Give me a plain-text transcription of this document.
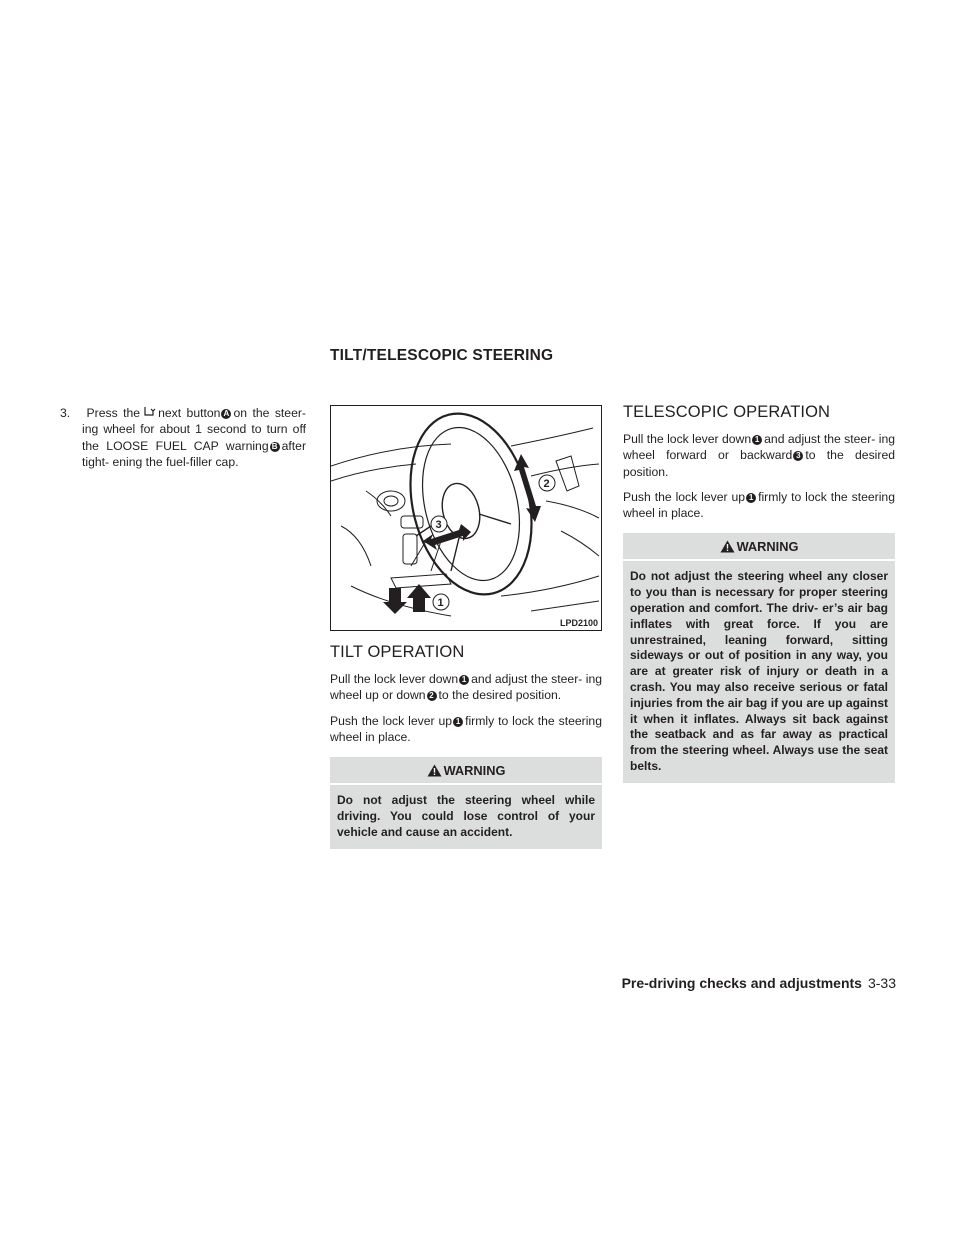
TILT/TELESCOPIC STEERING

3. Press the next button A on the steer- ing wheel for about 1 second to turn off the LOOSE FUEL CAP warning B after tight- ening the fuel-filler cap.

2
3
1
LPD2100
TILT OPERATION

Pull the lock lever down 1 and adjust the steer- ing wheel up or down 2 to the desired position.

Push the lock lever up 1 firmly to lock the steering wheel in place.

WARNING
Do not adjust the steering wheel while driving. You could lose control of your vehicle and cause an accident.
TELESCOPIC OPERATION

Pull the lock lever down 1 and adjust the steer- ing wheel forward or backward 3 to the desired position.

Push the lock lever up 1 firmly to lock the steering wheel in place.

WARNING
Do not adjust the steering wheel any closer to you than is necessary for proper steering operation and comfort. The driv- er’s air bag inflates with great force. If you are unrestrained, leaning forward, sitting sideways or out of position in any way, you are at greater risk of injury or death in a crash. You may also receive serious or fatal injuries from the air bag if you are up against it when it inflates. Always sit back against the seatback and as far away as practical from the steering wheel. Always use the seat belts.
Pre-driving checks and adjustments 3-33
